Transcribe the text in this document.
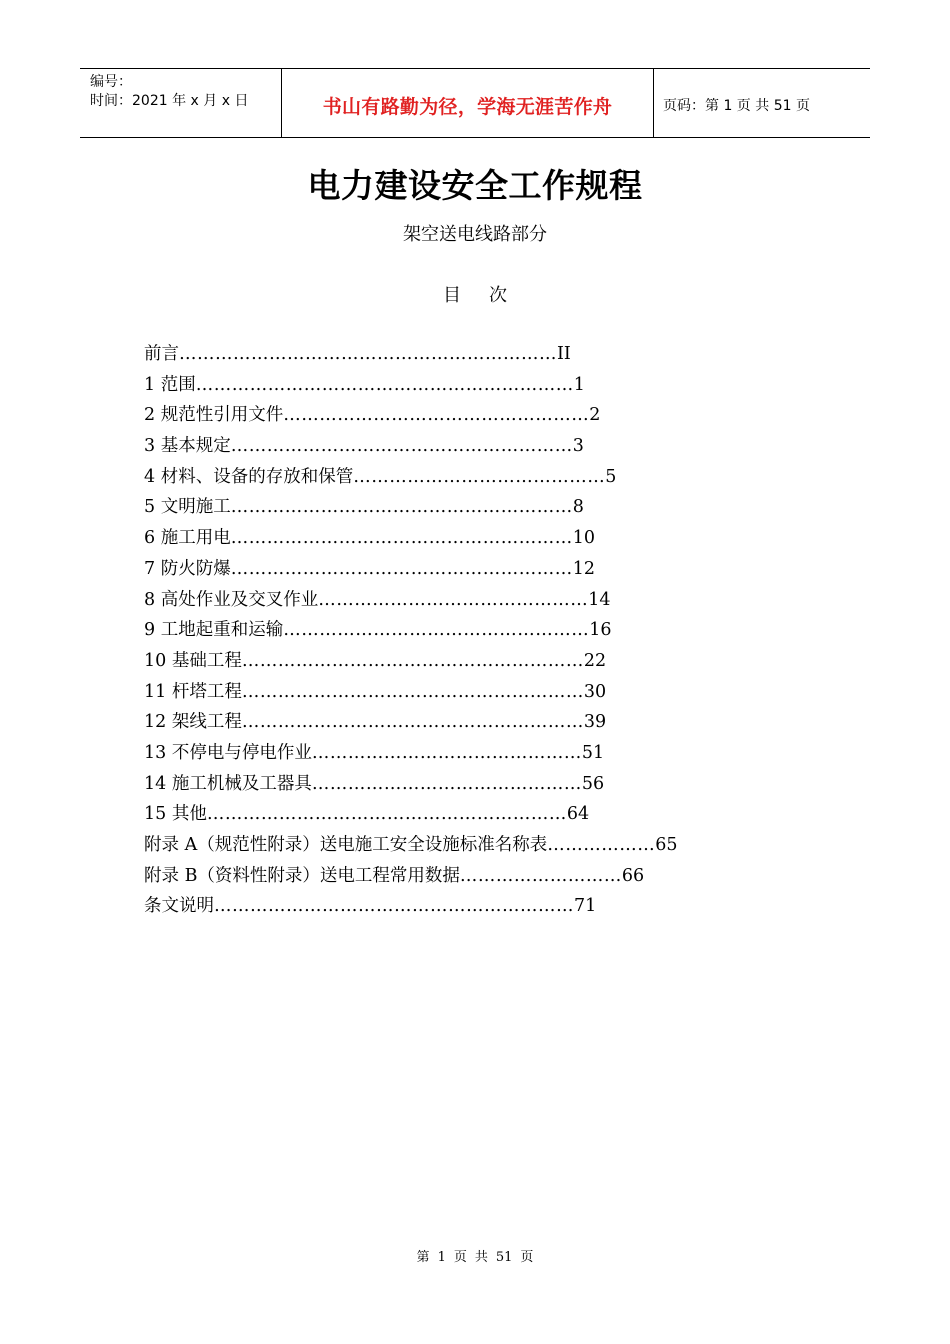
编号：
时间：2021 年 x 月 x 日	书山有路勤为径，学海无涯苦作舟	页码：第 1 页 共 51 页
电力建设安全工作规程
架空送电线路部分
目次
前言 ……………………………………………………… II
1 范围 ……………………………………………………… 1
2 规范性引用文件 …………………………………………… 2
3 基本规定 ………………………………………………… 3
4 材料、设备的存放和保管 …………………………………… 5
5 文明施工 ………………………………………………… 8
6 施工用电 ………………………………………………… 10
7 防火防爆 ………………………………………………… 12
8 高处作业及交叉作业 ……………………………………… 14
9 工地起重和运输 …………………………………………… 16
10 基础工程 ………………………………………………… 22
11 杆塔工程 ………………………………………………… 30
12 架线工程 ………………………………………………… 39
13 不停电与停电作业 ……………………………………… 51
14 施工机械及工器具 ……………………………………… 56
15 其他 …………………………………………………… 64
附录 A（规范性附录）送电施工安全设施标准名称表 ……………… 65
附录 B（资料性附录）送电工程常用数据 ……………………… 66
条文说明 …………………………………………………… 71
第 1 页 共 51 页
